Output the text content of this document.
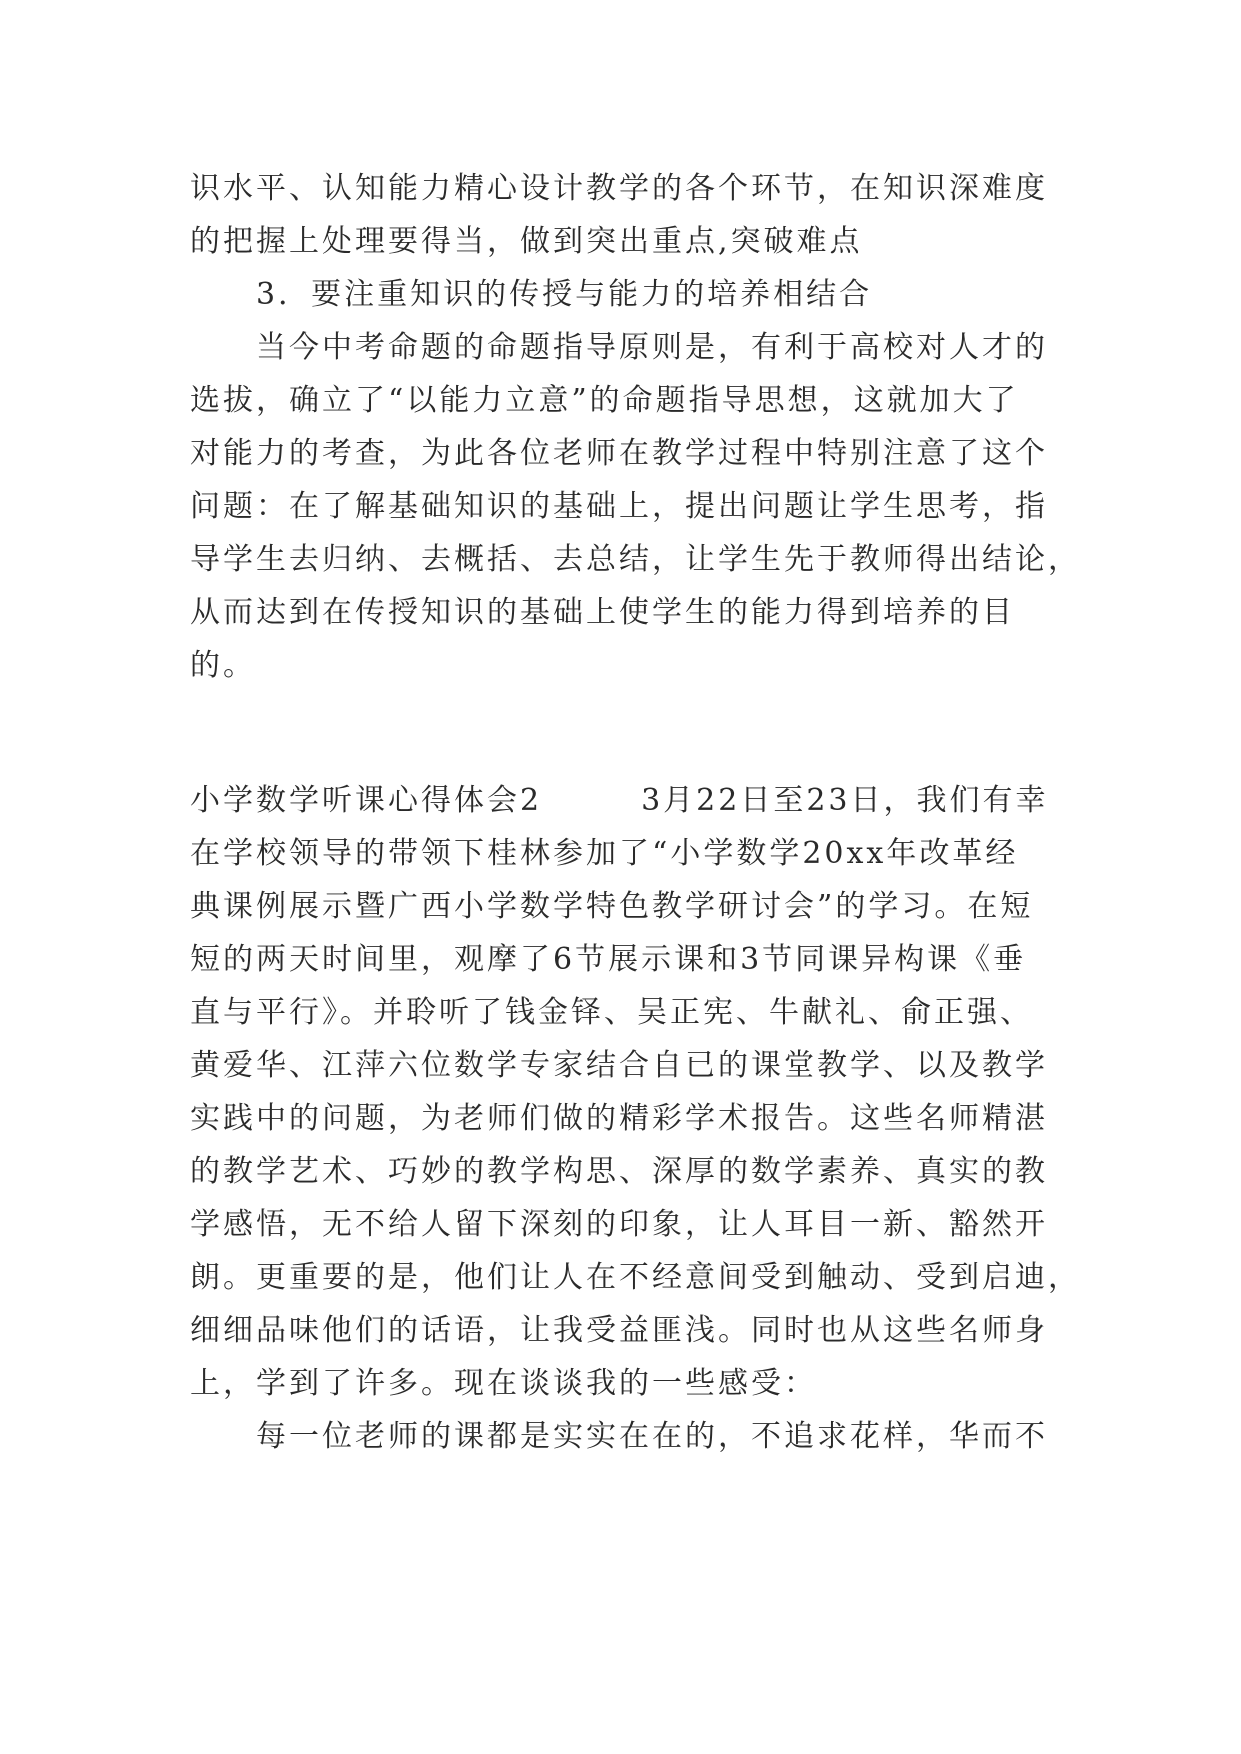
识水平、认知能力精心设计教学的各个环节，在知识深难度
的把握上处理要得当，做到突出重点,突破难点
3．要注重知识的传授与能力的培养相结合
当今中考命题的命题指导原则是，有利于高校对人才的
选拔，确立了“以能力立意”的命题指导思想，这就加大了
对能力的考查，为此各位老师在教学过程中特别注意了这个
问题：在了解基础知识的基础上，提出问题让学生思考，指
导学生去归纳、去概括、去总结，让学生先于教师得出结论，
从而达到在传授知识的基础上使学生的能力得到培养的目
的。
小学数学听课心得体会2　　　3月22日至23日，我们有幸
在学校领导的带领下桂林参加了“小学数学20xx年改革经
典课例展示暨广西小学数学特色教学研讨会”的学习。在短
短的两天时间里，观摩了6节展示课和3节同课异构课《垂
直与平行》。并聆听了钱金铎、吴正宪、牛献礼、俞正强、
黄爱华、江萍六位数学专家结合自已的课堂教学、以及教学
实践中的问题，为老师们做的精彩学术报告。这些名师精湛
的教学艺术、巧妙的教学构思、深厚的数学素养、真实的教
学感悟，无不给人留下深刻的印象，让人耳目一新、豁然开
朗。更重要的是，他们让人在不经意间受到触动、受到启迪，
细细品味他们的话语，让我受益匪浅。同时也从这些名师身
上，学到了许多。现在谈谈我的一些感受：
每一位老师的课都是实实在在的，不追求花样，华而不
